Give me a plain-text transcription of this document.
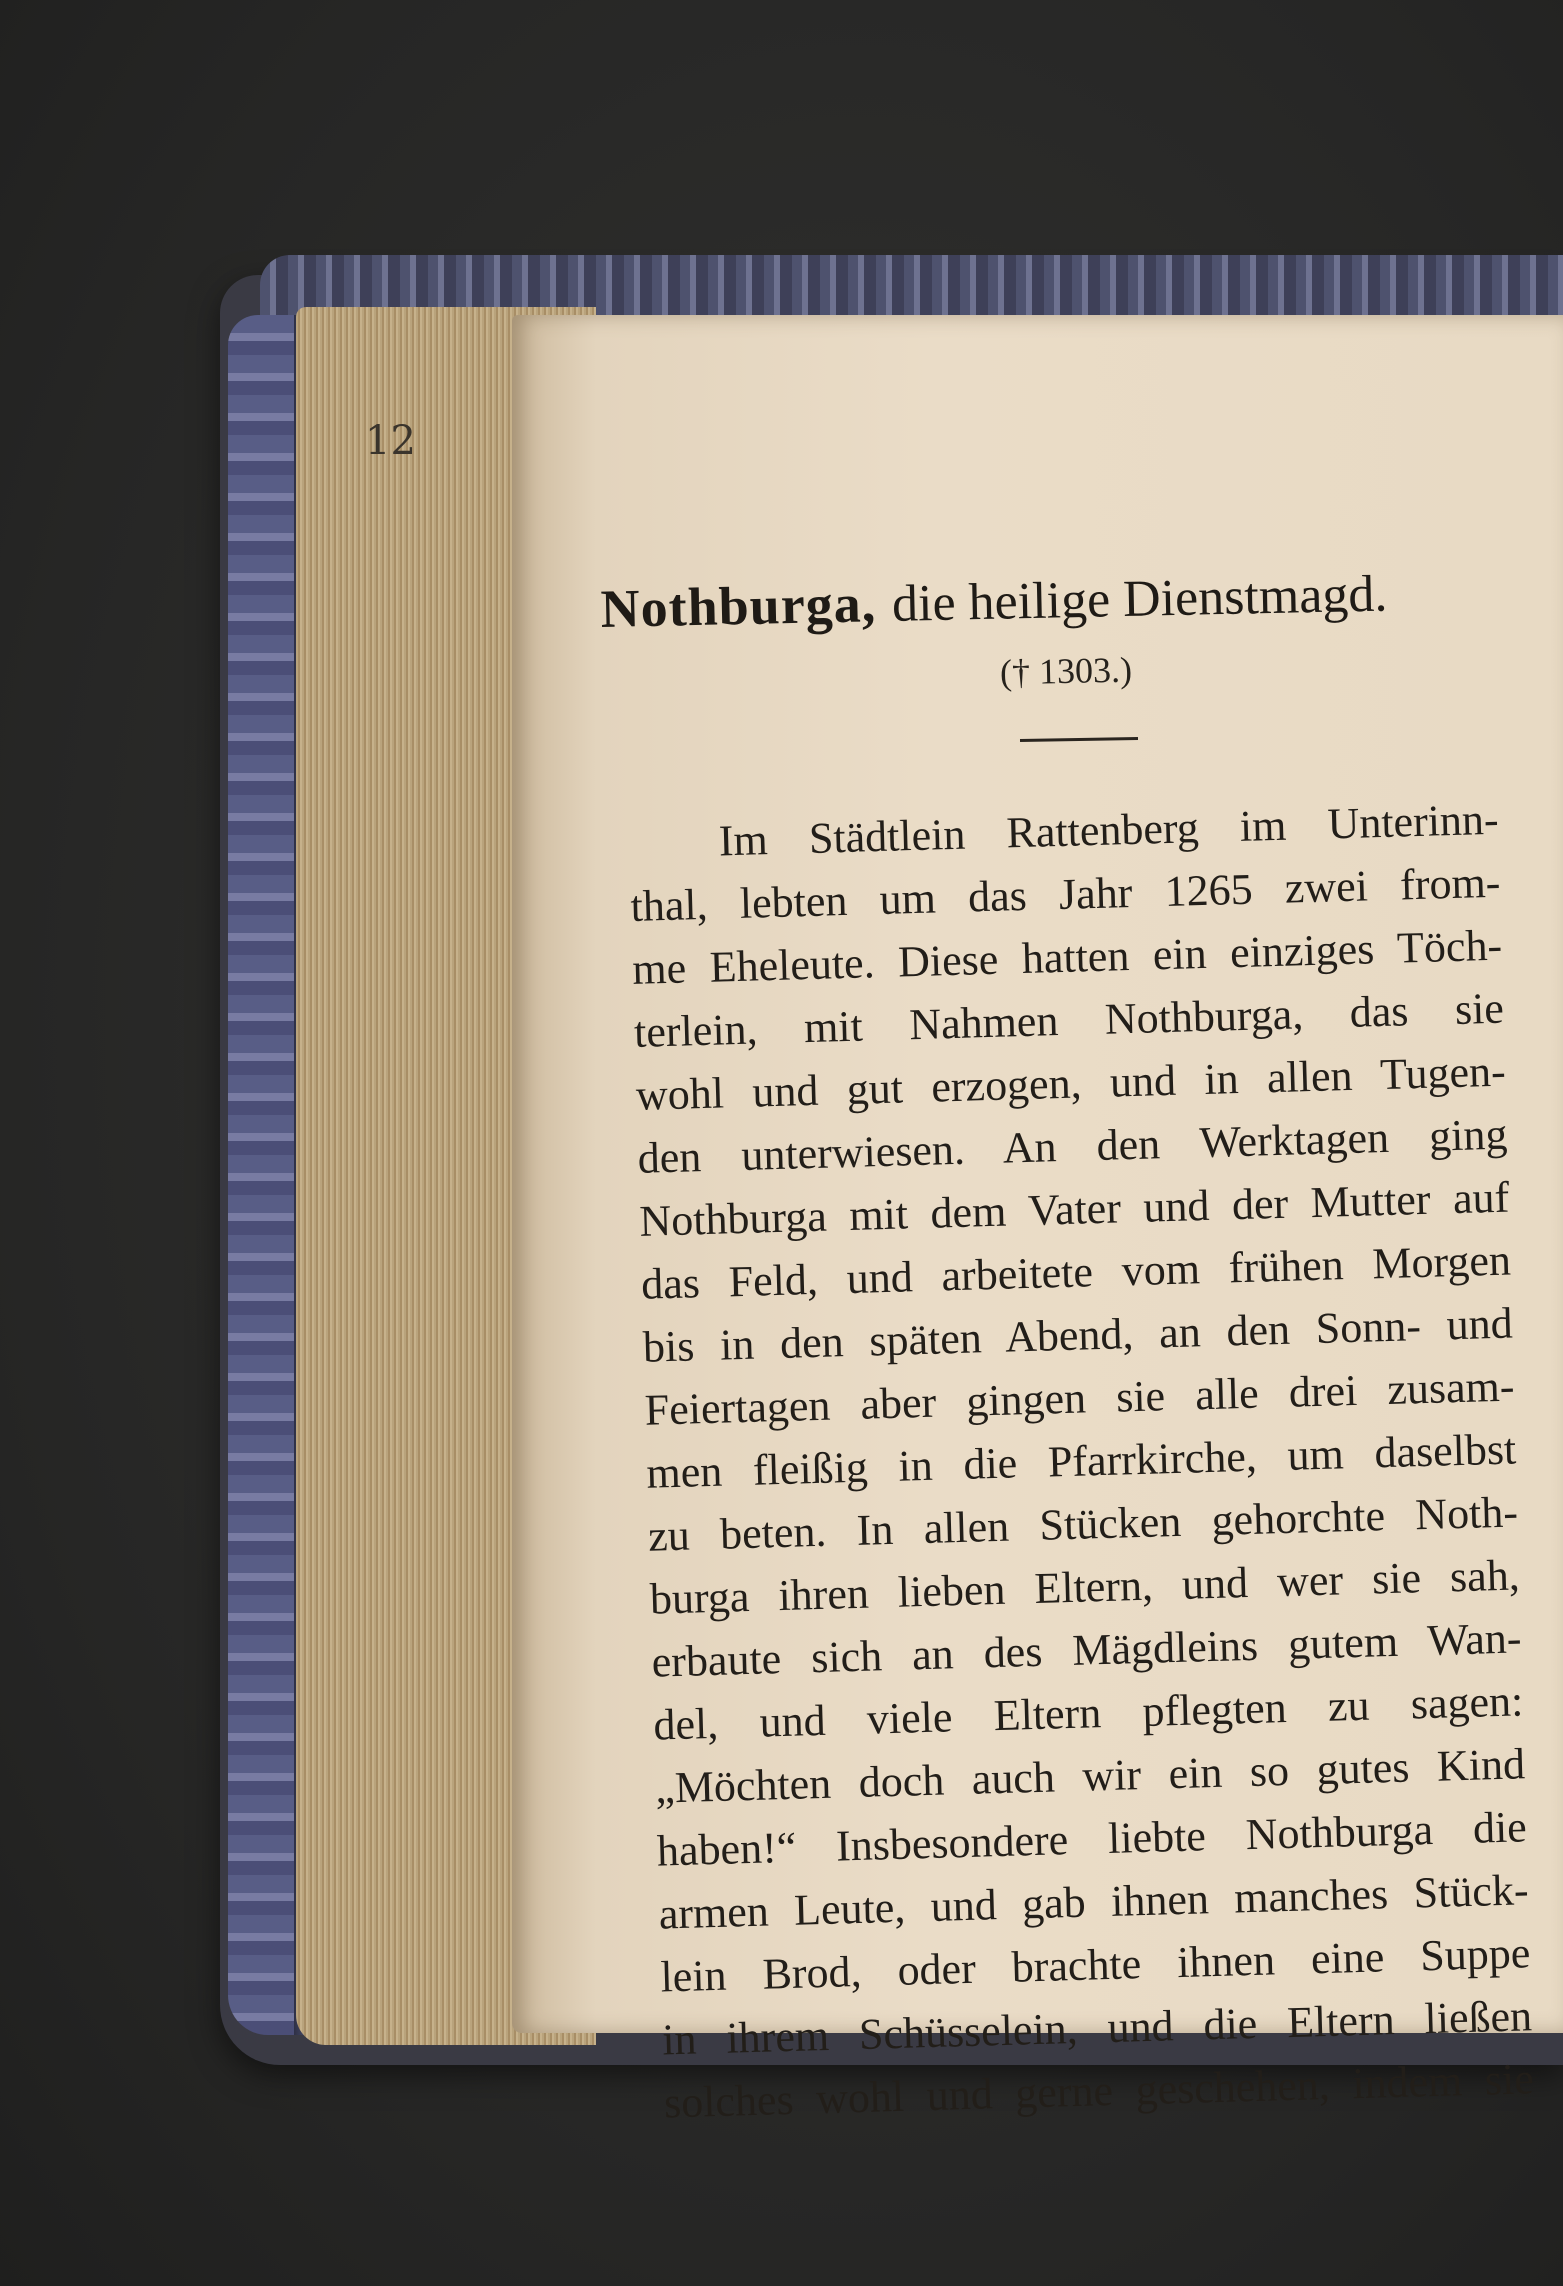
12
Nothburga, die heilige Dienstmagd.
(† 1303.)
Im Städtlein Rattenberg im Unterinn-
thal, lebten um das Jahr 1265 zwei from-
me Eheleute. Diese hatten ein einziges Töch-
terlein, mit Nahmen Nothburga, das sie
wohl und gut erzogen, und in allen Tugen-
den unterwiesen. An den Werktagen ging
Nothburga mit dem Vater und der Mutter auf
das Feld, und arbeitete vom frühen Morgen
bis in den späten Abend, an den Sonn- und
Feiertagen aber gingen sie alle drei zusam-
men fleißig in die Pfarrkirche, um daselbst
zu beten. In allen Stücken gehorchte Noth-
burga ihren lieben Eltern, und wer sie sah,
erbaute sich an des Mägdleins gutem Wan-
del, und viele Eltern pflegten zu sagen:
„Möchten doch auch wir ein so gutes Kind
haben!“ Insbesondere liebte Nothburga die
armen Leute, und gab ihnen manches Stück-
lein Brod, oder brachte ihnen eine Suppe
in ihrem Schüsselein, und die Eltern ließen
solches wohl und gerne geschehen, indem sie
